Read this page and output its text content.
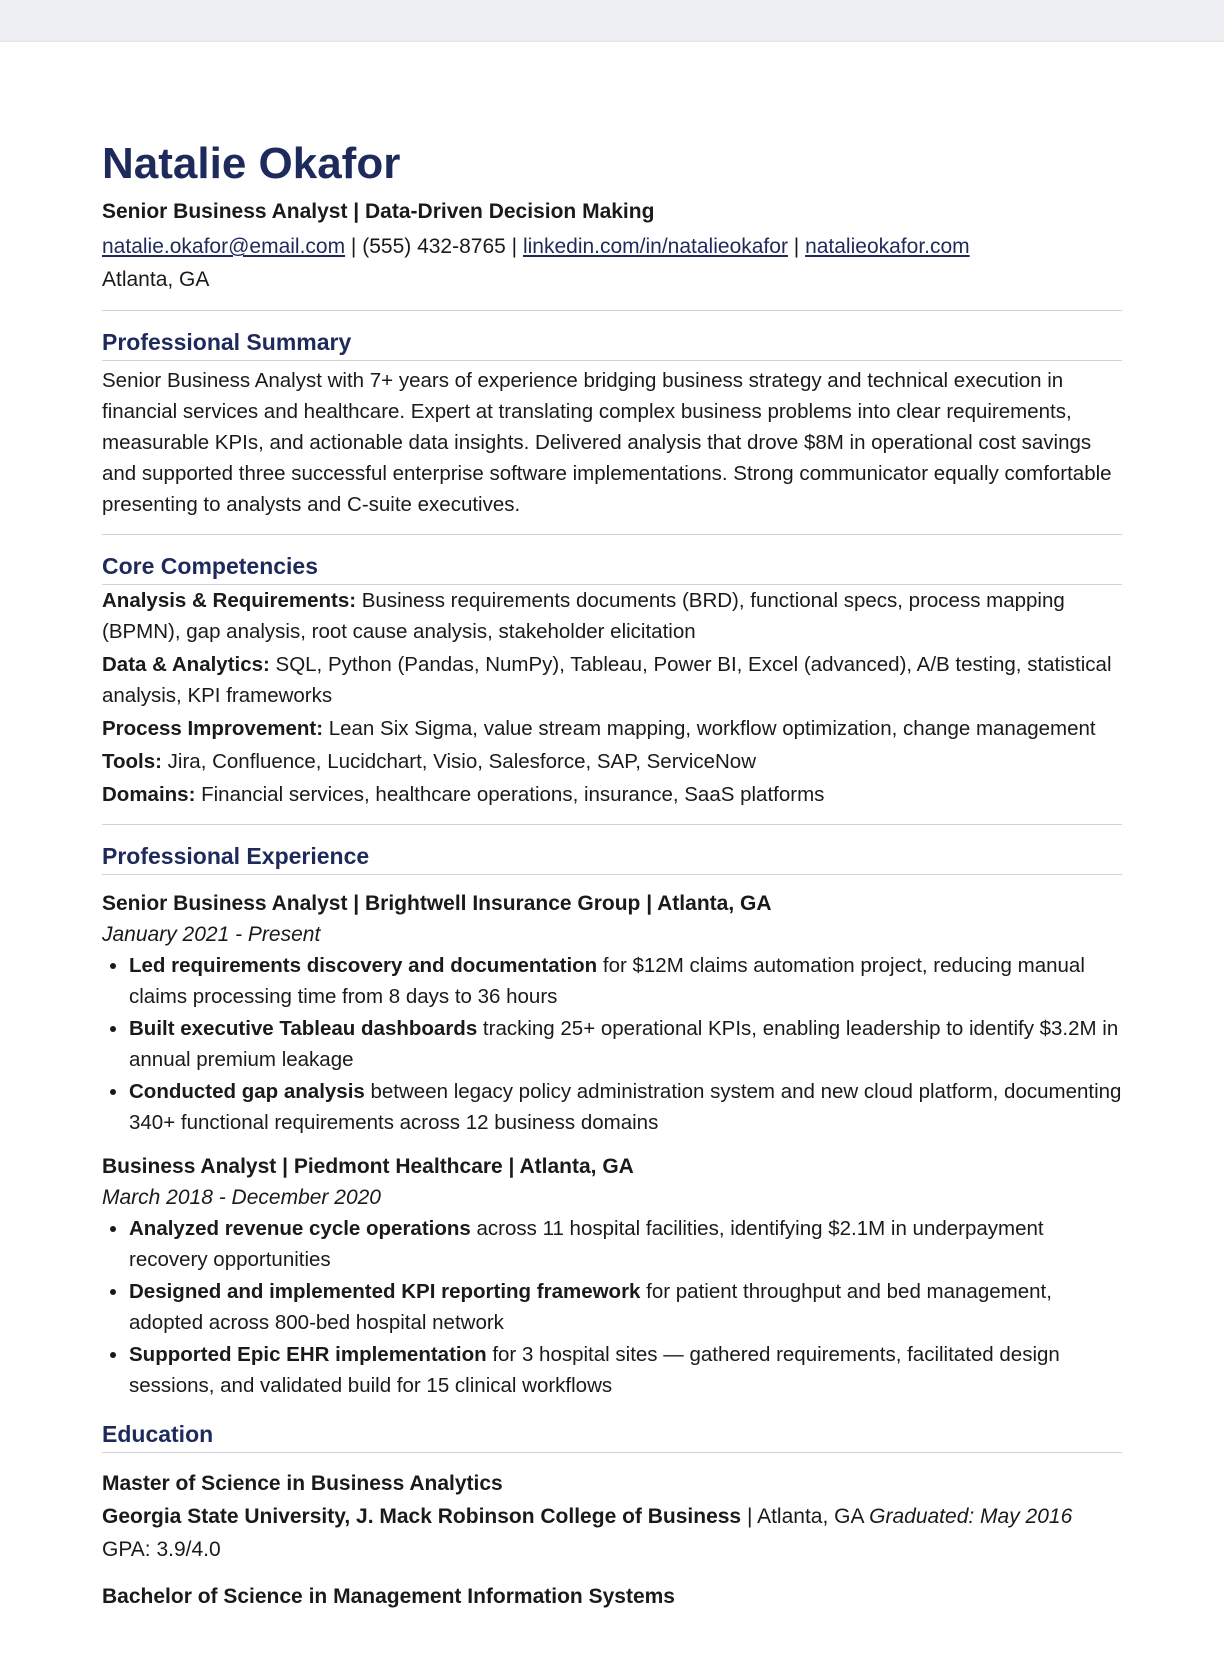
Natalie Okafor
Senior Business Analyst | Data-Driven Decision Making
natalie.okafor@email.com | (555) 432-8765 | linkedin.com/in/natalieokafor | natalieokafor.com
Atlanta, GA
Professional Summary
Senior Business Analyst with 7+ years of experience bridging business strategy and technical execution in financial services and healthcare. Expert at translating complex business problems into clear requirements, measurable KPIs, and actionable data insights. Delivered analysis that drove $8M in operational cost savings and supported three successful enterprise software implementations. Strong communicator equally comfortable presenting to analysts and C-suite executives.
Core Competencies
Analysis & Requirements: Business requirements documents (BRD), functional specs, process mapping (BPMN), gap analysis, root cause analysis, stakeholder elicitation
Data & Analytics: SQL, Python (Pandas, NumPy), Tableau, Power BI, Excel (advanced), A/B testing, statistical analysis, KPI frameworks
Process Improvement: Lean Six Sigma, value stream mapping, workflow optimization, change management
Tools: Jira, Confluence, Lucidchart, Visio, Salesforce, SAP, ServiceNow
Domains: Financial services, healthcare operations, insurance, SaaS platforms
Professional Experience
Senior Business Analyst | Brightwell Insurance Group | Atlanta, GA
January 2021 - Present
• Led requirements discovery and documentation for $12M claims automation project, reducing manual claims processing time from 8 days to 36 hours
• Built executive Tableau dashboards tracking 25+ operational KPIs, enabling leadership to identify $3.2M in annual premium leakage
• Conducted gap analysis between legacy policy administration system and new cloud platform, documenting 340+ functional requirements across 12 business domains
Business Analyst | Piedmont Healthcare | Atlanta, GA
March 2018 - December 2020
• Analyzed revenue cycle operations across 11 hospital facilities, identifying $2.1M in underpayment recovery opportunities
• Designed and implemented KPI reporting framework for patient throughput and bed management, adopted across 800-bed hospital network
• Supported Epic EHR implementation for 3 hospital sites — gathered requirements, facilitated design sessions, and validated build for 15 clinical workflows
Education
Master of Science in Business Analytics
Georgia State University, J. Mack Robinson College of Business | Atlanta, GA Graduated: May 2016
GPA: 3.9/4.0
Bachelor of Science in Management Information Systems
